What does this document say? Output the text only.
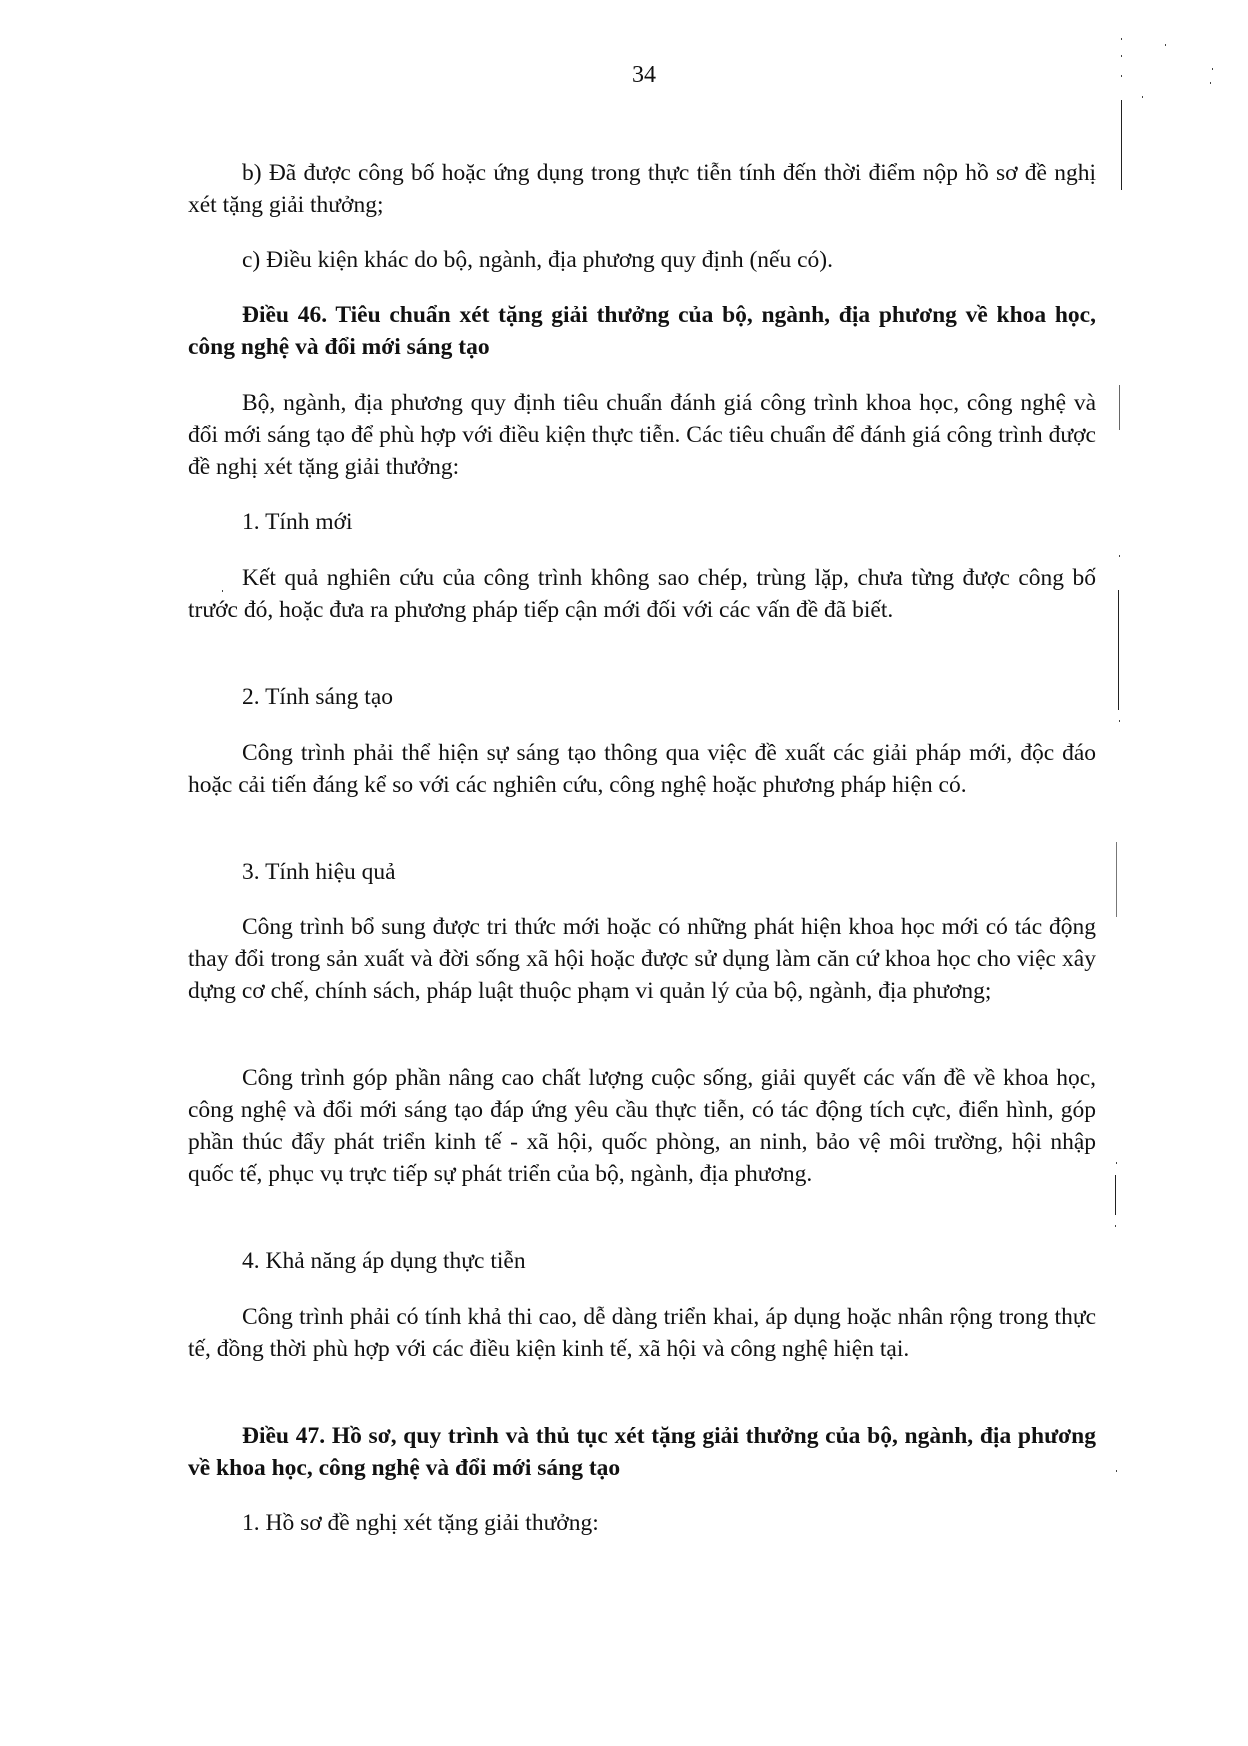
34

b) Đã được công bố hoặc ứng dụng trong thực tiễn tính đến thời điểm nộp hồ sơ đề nghị xét tặng giải thưởng;

c) Điều kiện khác do bộ, ngành, địa phương quy định (nếu có).

Điều 46. Tiêu chuẩn xét tặng giải thưởng của bộ, ngành, địa phương về khoa học, công nghệ và đổi mới sáng tạo

Bộ, ngành, địa phương quy định tiêu chuẩn đánh giá công trình khoa học, công nghệ và đổi mới sáng tạo để phù hợp với điều kiện thực tiễn. Các tiêu chuẩn để đánh giá công trình được đề nghị xét tặng giải thưởng:

1. Tính mới

Kết quả nghiên cứu của công trình không sao chép, trùng lặp, chưa từng được công bố trước đó, hoặc đưa ra phương pháp tiếp cận mới đối với các vấn đề đã biết.

2. Tính sáng tạo

Công trình phải thể hiện sự sáng tạo thông qua việc đề xuất các giải pháp mới, độc đáo hoặc cải tiến đáng kể so với các nghiên cứu, công nghệ hoặc phương pháp hiện có.

3. Tính hiệu quả

Công trình bổ sung được tri thức mới hoặc có những phát hiện khoa học mới có tác động thay đổi trong sản xuất và đời sống xã hội hoặc được sử dụng làm căn cứ khoa học cho việc xây dựng cơ chế, chính sách, pháp luật thuộc phạm vi quản lý của bộ, ngành, địa phương;

Công trình góp phần nâng cao chất lượng cuộc sống, giải quyết các vấn đề về khoa học, công nghệ và đổi mới sáng tạo đáp ứng yêu cầu thực tiễn, có tác động tích cực, điển hình, góp phần thúc đẩy phát triển kinh tế - xã hội, quốc phòng, an ninh, bảo vệ môi trường, hội nhập quốc tế, phục vụ trực tiếp sự phát triển của bộ, ngành, địa phương.

4. Khả năng áp dụng thực tiễn

Công trình phải có tính khả thi cao, dễ dàng triển khai, áp dụng hoặc nhân rộng trong thực tế, đồng thời phù hợp với các điều kiện kinh tế, xã hội và công nghệ hiện tại.

Điều 47. Hồ sơ, quy trình và thủ tục xét tặng giải thưởng của bộ, ngành, địa phương về khoa học, công nghệ và đổi mới sáng tạo

1. Hồ sơ đề nghị xét tặng giải thưởng:
